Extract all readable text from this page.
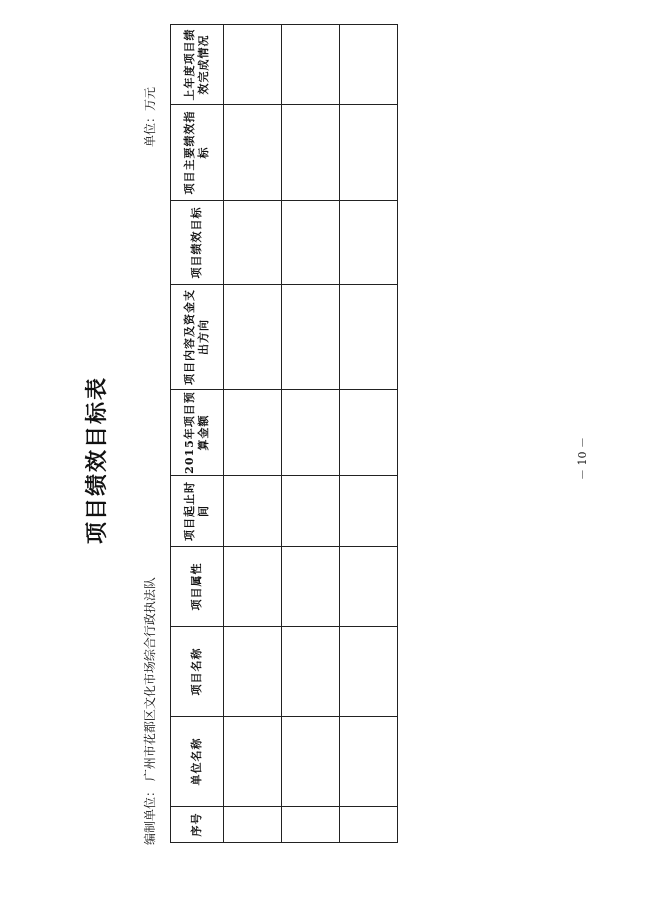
项目绩效目标表
编制单位： 广州市花都区文化市场综合行政执法队
单位：万元
－ 10 －
序号	单位名称	项目名称	项目属性	项目起止时间	2015年项目预算金额	项目内容及资金支出方向	项目绩效目标	项目主要绩效指标	上年度项目绩效完成情况
